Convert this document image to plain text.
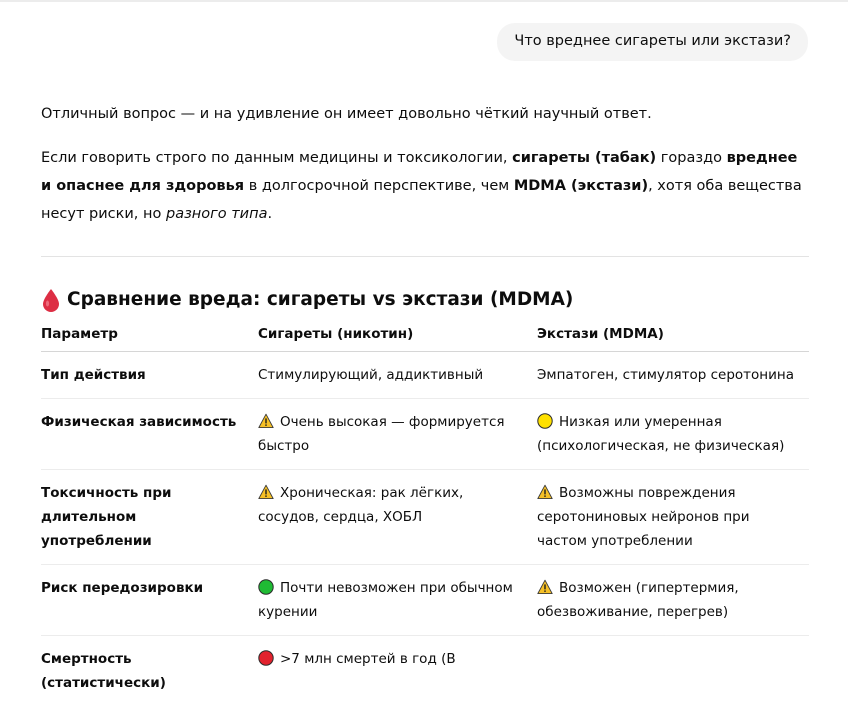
Что вреднее сигареты или экстази?

Отличный вопрос — и на удивление он имеет довольно чёткий научный ответ.

Если говорить строго по данным медицины и токсикологии, сигареты (табак) гораздо вреднее и опаснее для здоровья в долгосрочной перспективе, чем MDMA (экстази), хотя оба вещества несут риски, но разного типа.

Сравнение вреда: сигареты vs экстази (MDMA)
Параметр	Сигареты (никотин)	Экстази (MDMA)
Тип действия	Стимулирующий, аддиктивный	Эмпатоген, стимулятор серотонина
Физическая зависимость	Очень высокая — формируется быстро	Низкая или умеренная (психологическая, не физическая)
Токсичность при длительном употреблении	Хроническая: рак лёгких, сосудов, сердца, ХОБЛ	Возможны повреждения серотониновых нейронов при частом употреблении
Риск передозировки	Почти невозможен при обычном курении	Возможен (гипертермия, обезвоживание, перегрев)
Смертность (статистически)	>7 млн смертей в год (В	
